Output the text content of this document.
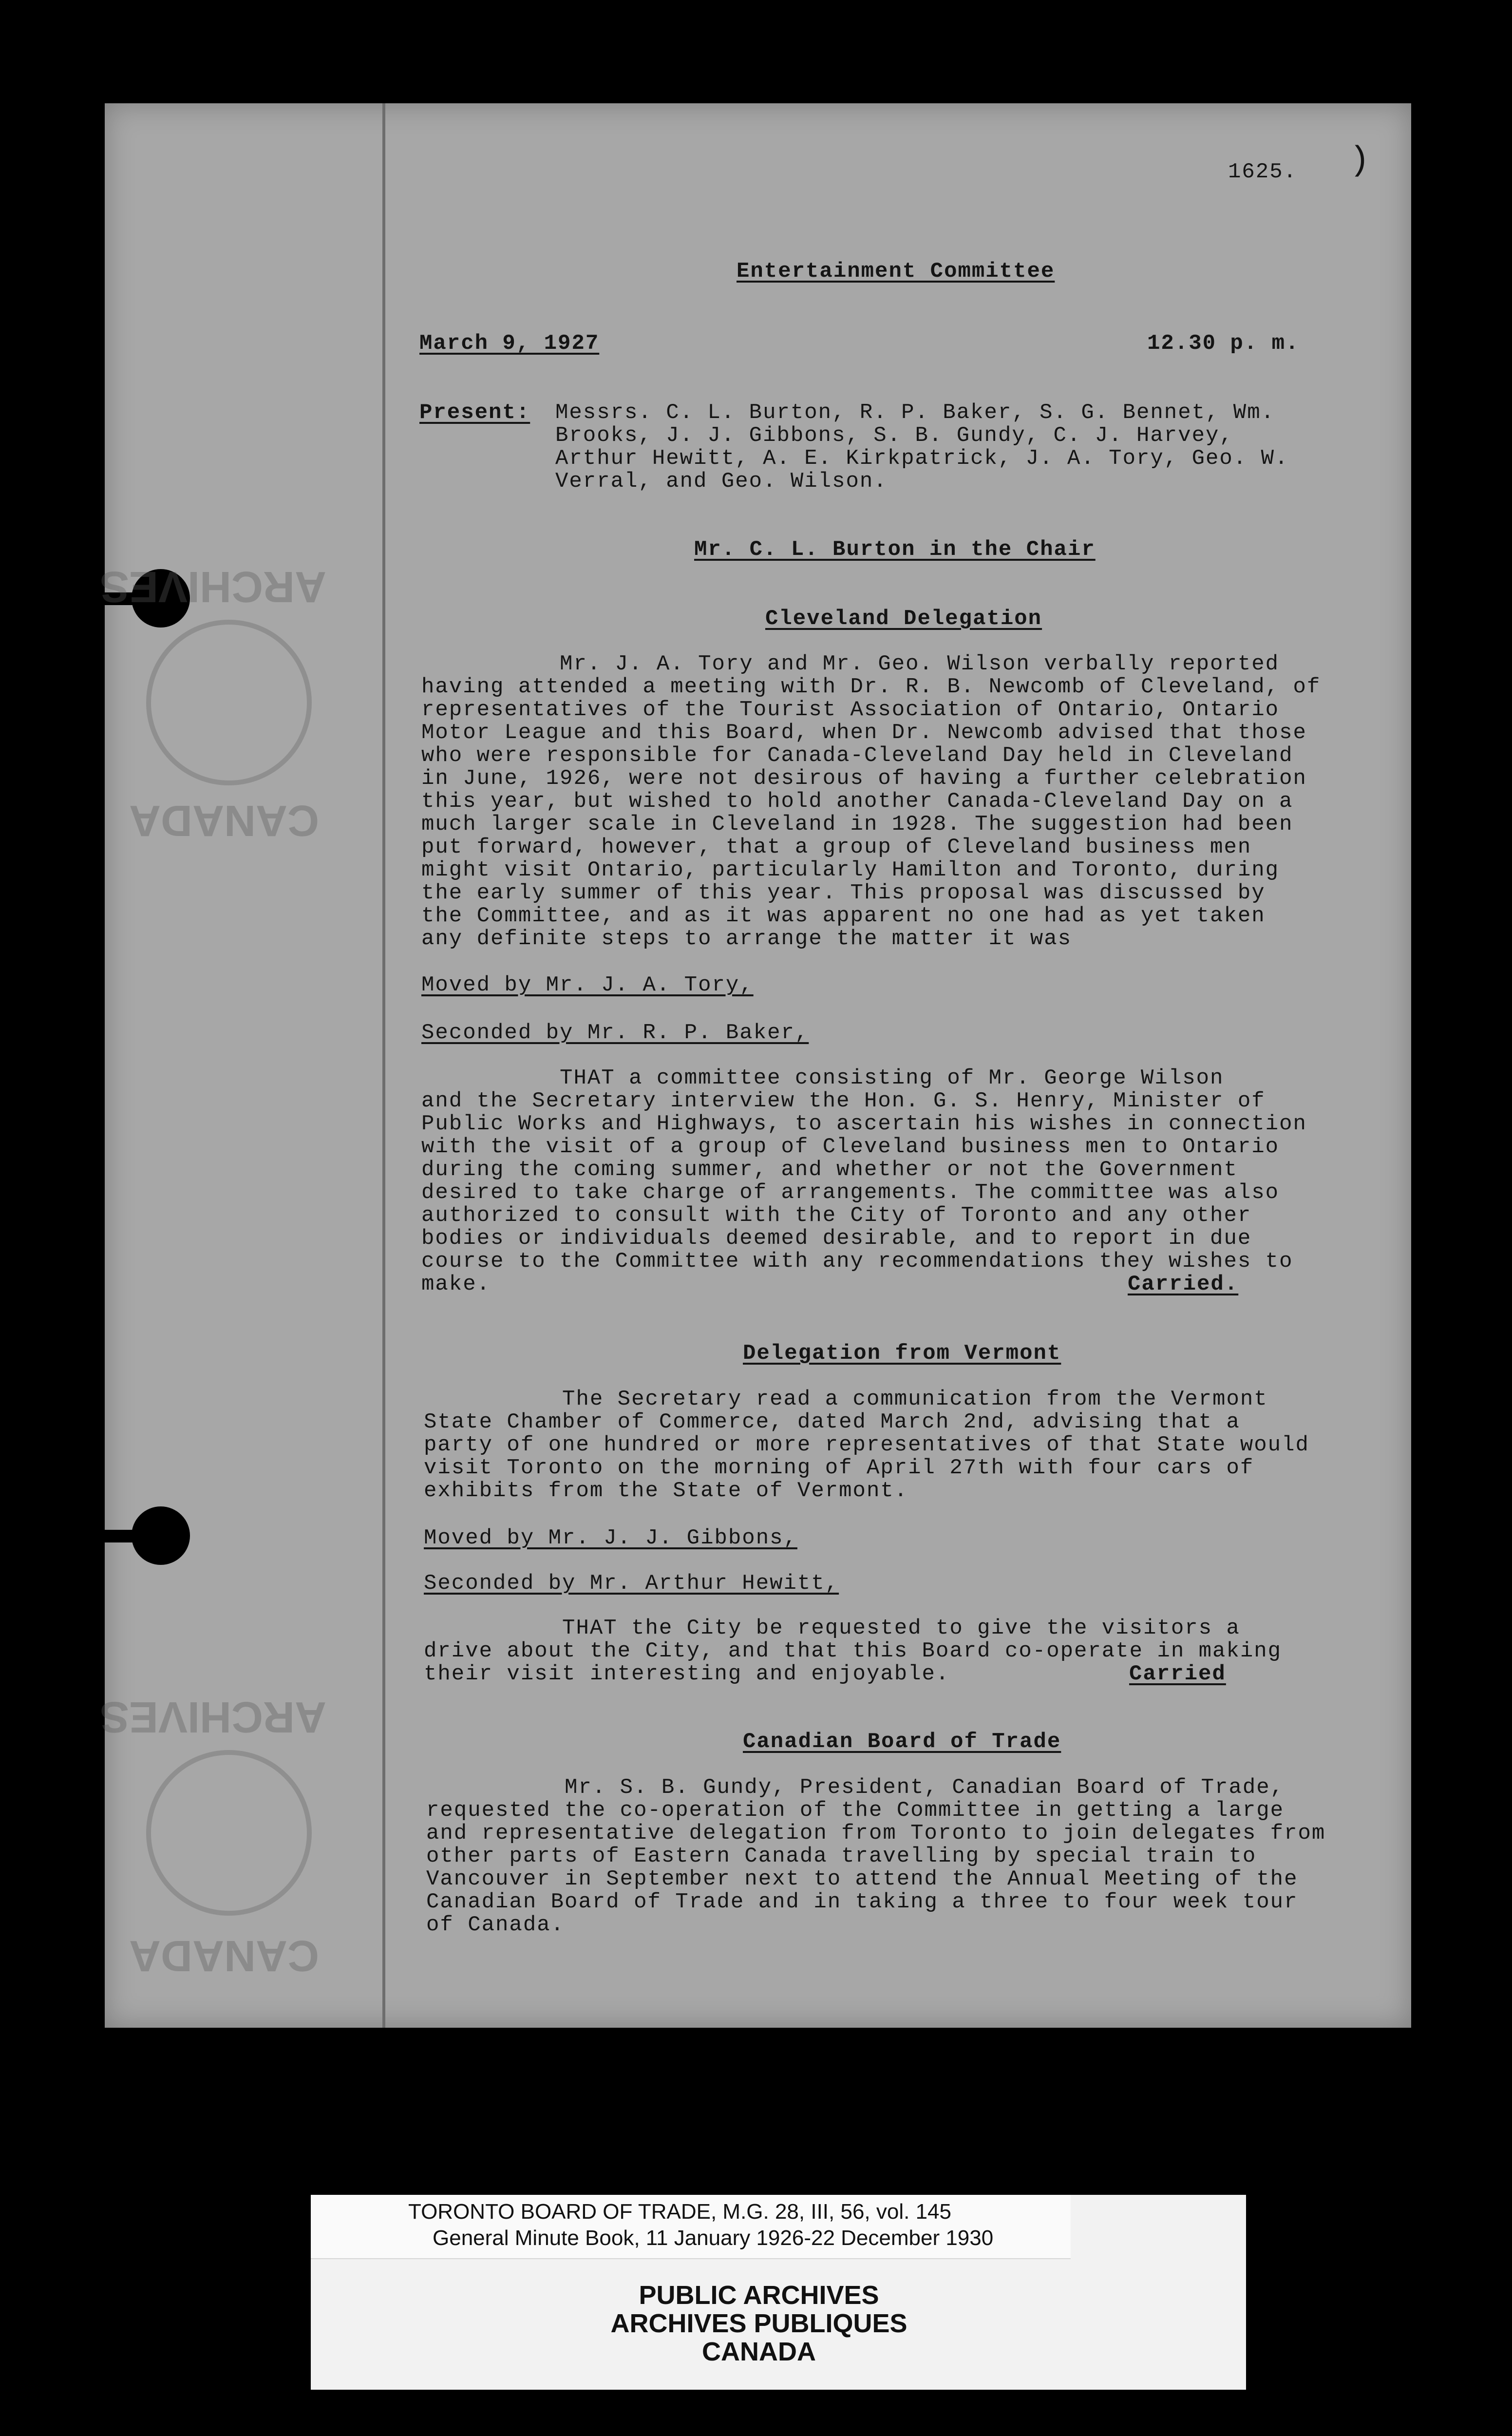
ARCHIVES
CANADA
ARCHIVES
CANADA
1625. )
Entertainment Committee
March 9, 1927	12.30 p. m.
Present: Messrs. C. L. Burton, R. P. Baker, S. G. Bennet, Wm.
Brooks, J. J. Gibbons, S. B. Gundy, C. J. Harvey,
Arthur Hewitt, A. E. Kirkpatrick, J. A. Tory, Geo. W.
Verral, and Geo. Wilson.
Mr. C. L. Burton in the Chair
Cleveland Delegation
Mr. J. A. Tory and Mr. Geo. Wilson verbally reported
having attended a meeting with Dr. R. B. Newcomb of Cleveland, of
representatives of the Tourist Association of Ontario, Ontario
Motor League and this Board, when Dr. Newcomb advised that those
who were responsible for Canada-Cleveland Day held in Cleveland
in June, 1926, were not desirous of having a further celebration
this year, but wished to hold another Canada-Cleveland Day on a
much larger scale in Cleveland in 1928. The suggestion had been
put forward, however, that a group of Cleveland business men
might visit Ontario, particularly Hamilton and Toronto, during
the early summer of this year. This proposal was discussed by
the Committee, and as it was apparent no one had as yet taken
any definite steps to arrange the matter it was
Moved by Mr. J. A. Tory,
Seconded by Mr. R. P. Baker,
THAT a committee consisting of Mr. George Wilson
and the Secretary interview the Hon. G. S. Henry, Minister of
Public Works and Highways, to ascertain his wishes in connection
with the visit of a group of Cleveland business men to Ontario
during the coming summer, and whether or not the Government
desired to take charge of arrangements. The committee was also
authorized to consult with the City of Toronto and any other
bodies or individuals deemed desirable, and to report in due
course to the Committee with any recommendations they wishes to
make.	Carried.
Delegation from Vermont
The Secretary read a communication from the Vermont
State Chamber of Commerce, dated March 2nd, advising that a
party of one hundred or more representatives of that State would
visit Toronto on the morning of April 27th with four cars of
exhibits from the State of Vermont.
Moved by Mr. J. J. Gibbons,
Seconded by Mr. Arthur Hewitt,
THAT the City be requested to give the visitors a
drive about the City, and that this Board co-operate in making
their visit interesting and enjoyable.	Carried
Canadian Board of Trade
Mr. S. B. Gundy, President, Canadian Board of Trade,
requested the co-operation of the Committee in getting a large
and representative delegation from Toronto to join delegates from
other parts of Eastern Canada travelling by special train to
Vancouver in September next to attend the Annual Meeting of the
Canadian Board of Trade and in taking a three to four week tour
of Canada.
TORONTO BOARD OF TRADE, M.G. 28, III, 56, vol. 145
General Minute Book, 11 January 1926-22 December 1930
PUBLIC ARCHIVES
ARCHIVES PUBLIQUES
CANADA
